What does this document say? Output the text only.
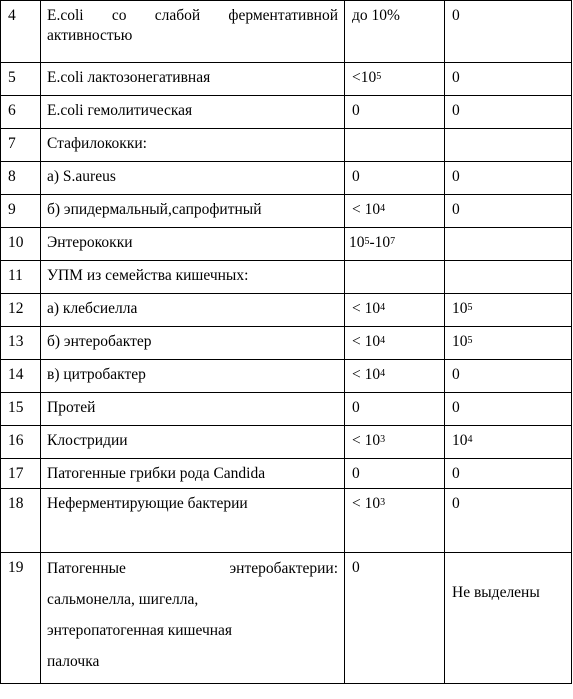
4	E.coli со слабой ферментативной
активностью	до 10%	0
5	E.coli лактозонегативная	$<10^5$	0
6	E.coli гемолитическая	0	0
7	Стафилококки:		
8	а) S.aureus	0	0
9	б) эпидермальный,сапрофитный	< $10^4$	0
10	Энтерококки	$10^5-10^7$	
11	УПМ из семейства кишечных:		
12	а) клебсиелла	< $10^4$	$10^5$
13	б) энтеробактер	< $10^4$	$10^5$
14	в) цитробактер	< $10^4$	0
15	Протей	0	0
16	Клостридии	< $10^3$	$10^4$
17	Патогенные грибки рода Candida	0	0
18	Неферментирующие бактерии	< $10^3$	0
19	Патогенные энтеробактерии:
сальмонелла, шигелла,
энтеропатогенная кишечная
палочка	0	Не выделены
